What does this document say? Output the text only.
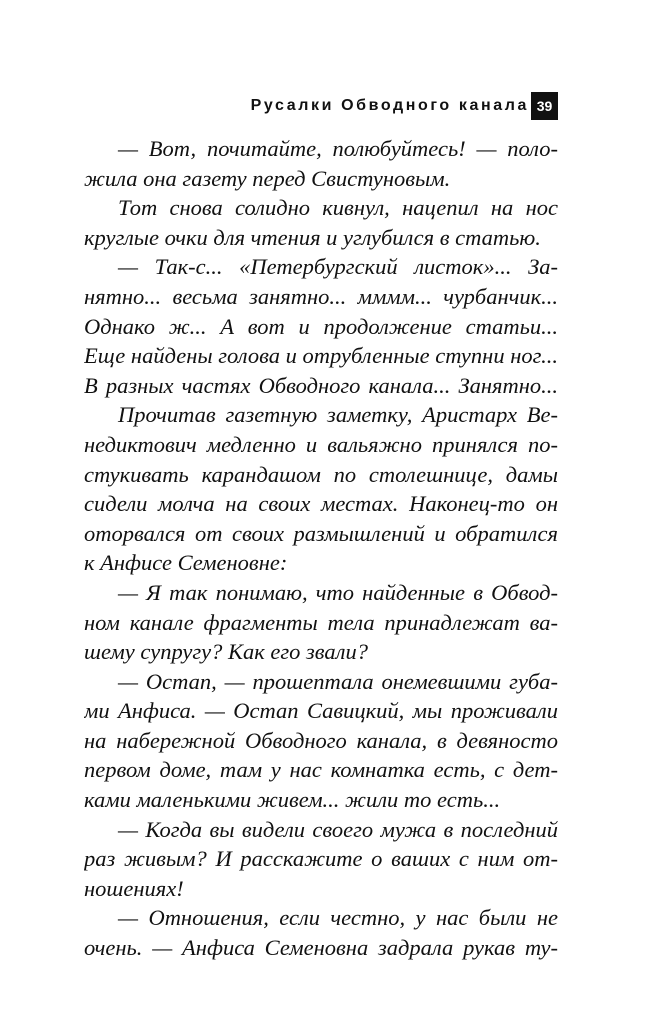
Русалки Обводного канала 39
— Вот, почитайте, полюбуйтесь! — поло-
жила она газету перед Свистуновым.
Тот снова солидно кивнул, нацепил на нос
круглые очки для чтения и углубился в статью.
— Так-с... «Петербургский листок»... За-
нятно... весьма занятно... мммм... чурбанчик...
Однако ж... А вот и продолжение статьи...
Еще найдены голова и отрубленные ступни ног...
В разных частях Обводного канала... Занятно...
Прочитав газетную заметку, Аристарх Ве-
недиктович медленно и вальяжно принялся по-
стукивать карандашом по столешнице, дамы
сидели молча на своих местах. Наконец-то он
оторвался от своих размышлений и обратился
к Анфисе Семеновне:
— Я так понимаю, что найденные в Обвод-
ном канале фрагменты тела принадлежат ва-
шему супругу? Как его звали?
— Остап, — прошептала онемевшими губа-
ми Анфиса. — Остап Савицкий, мы проживали
на набережной Обводного канала, в девяносто
первом доме, там у нас комнатка есть, с дет-
ками маленькими живем... жили то есть...
— Когда вы видели своего мужа в последний
раз живым? И расскажите о ваших с ним от-
ношениях!
— Отношения, если честно, у нас были не
очень. — Анфиса Семеновна задрала рукав ту-
